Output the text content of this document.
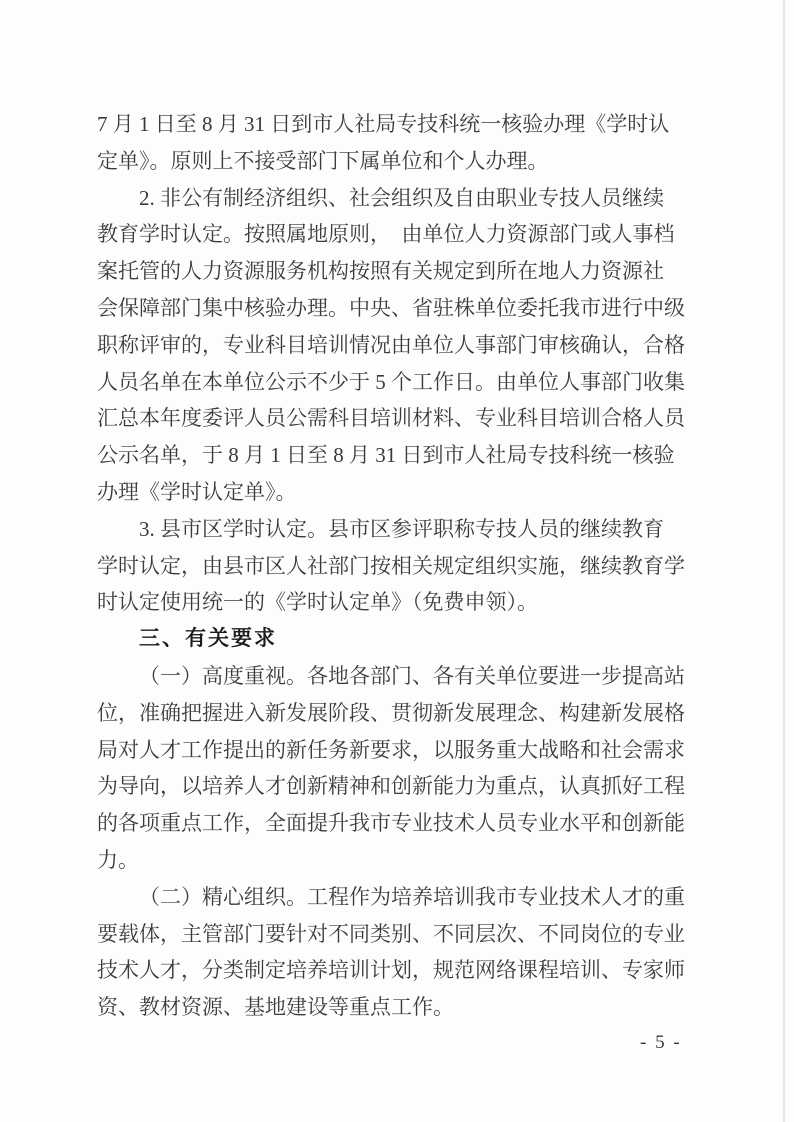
7 月 1 日至 8 月 31 日到市人社局专技科统一核验办理《学时认
定单》。原则上不接受部门下属单位和个人办理。
2. 非公有制经济组织、社会组织及自由职业专技人员继续
教育学时认定。按照属地原则，　由单位人力资源部门或人事档
案托管的人力资源服务机构按照有关规定到所在地人力资源社
会保障部门集中核验办理。中央、省驻株单位委托我市进行中级
职称评审的，专业科目培训情况由单位人事部门审核确认，合格
人员名单在本单位公示不少于 5 个工作日。由单位人事部门收集
汇总本年度委评人员公需科目培训材料、专业科目培训合格人员
公示名单，于 8 月 1 日至 8 月 31 日到市人社局专技科统一核验
办理《学时认定单》。
3. 县市区学时认定。县市区参评职称专技人员的继续教育
学时认定，由县市区人社部门按相关规定组织实施，继续教育学
时认定使用统一的《学时认定单》（免费申领）。
三、有关要求
（一）高度重视。各地各部门、各有关单位要进一步提高站
位，准确把握进入新发展阶段、贯彻新发展理念、构建新发展格
局对人才工作提出的新任务新要求，以服务重大战略和社会需求
为导向，以培养人才创新精神和创新能力为重点，认真抓好工程
的各项重点工作，全面提升我市专业技术人员专业水平和创新能
力。
（二）精心组织。工程作为培养培训我市专业技术人才的重
要载体，主管部门要针对不同类别、不同层次、不同岗位的专业
技术人才，分类制定培养培训计划，规范网络课程培训、专家师
资、教材资源、基地建设等重点工作。
- 5 -
